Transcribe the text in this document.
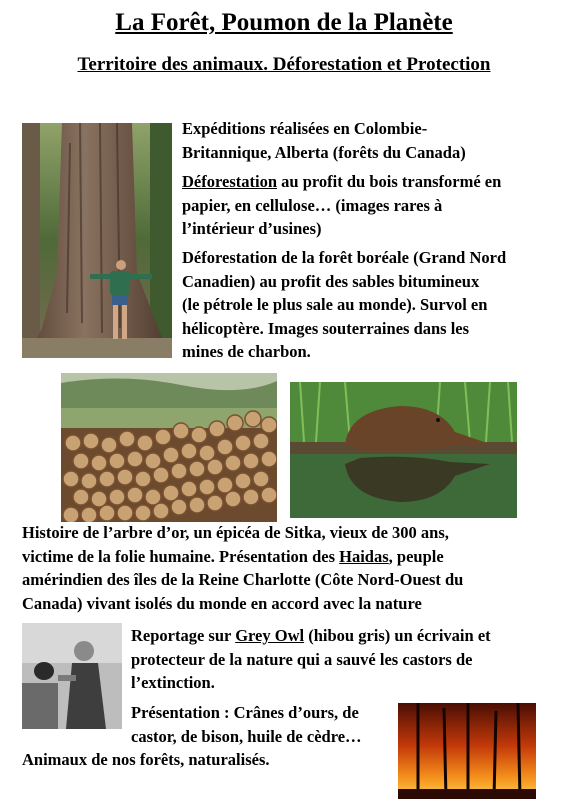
La Forêt, Poumon de la Planète
Territoire des animaux. Déforestation et Protection
Expéditions réalisées en Colombie-
Britannique, Alberta (forêts du Canada)
Déforestation au profit du bois transformé en
papier, en cellulose… (images rares à
l’intérieur d’usines)
Déforestation de la forêt boréale (Grand Nord
Canadien) au profit des sables bitumineux
(le pétrole le plus sale au monde). Survol en
hélicoptère. Images souterraines dans les
mines de charbon.
Histoire de l’arbre d’or, un épicéa de Sitka, vieux de 300 ans,
victime de la folie humaine. Présentation des Haidas, peuple
amérindien des îles de la Reine Charlotte (Côte Nord-Ouest du
Canada) vivant isolés du monde en accord avec la nature
Reportage sur Grey Owl (hibou gris) un écrivain et
protecteur de la nature qui a sauvé les castors de
l’extinction.
Présentation : Crânes d’ours, de
castor, de bison, huile de cèdre…
Animaux de nos forêts, naturalisés.
